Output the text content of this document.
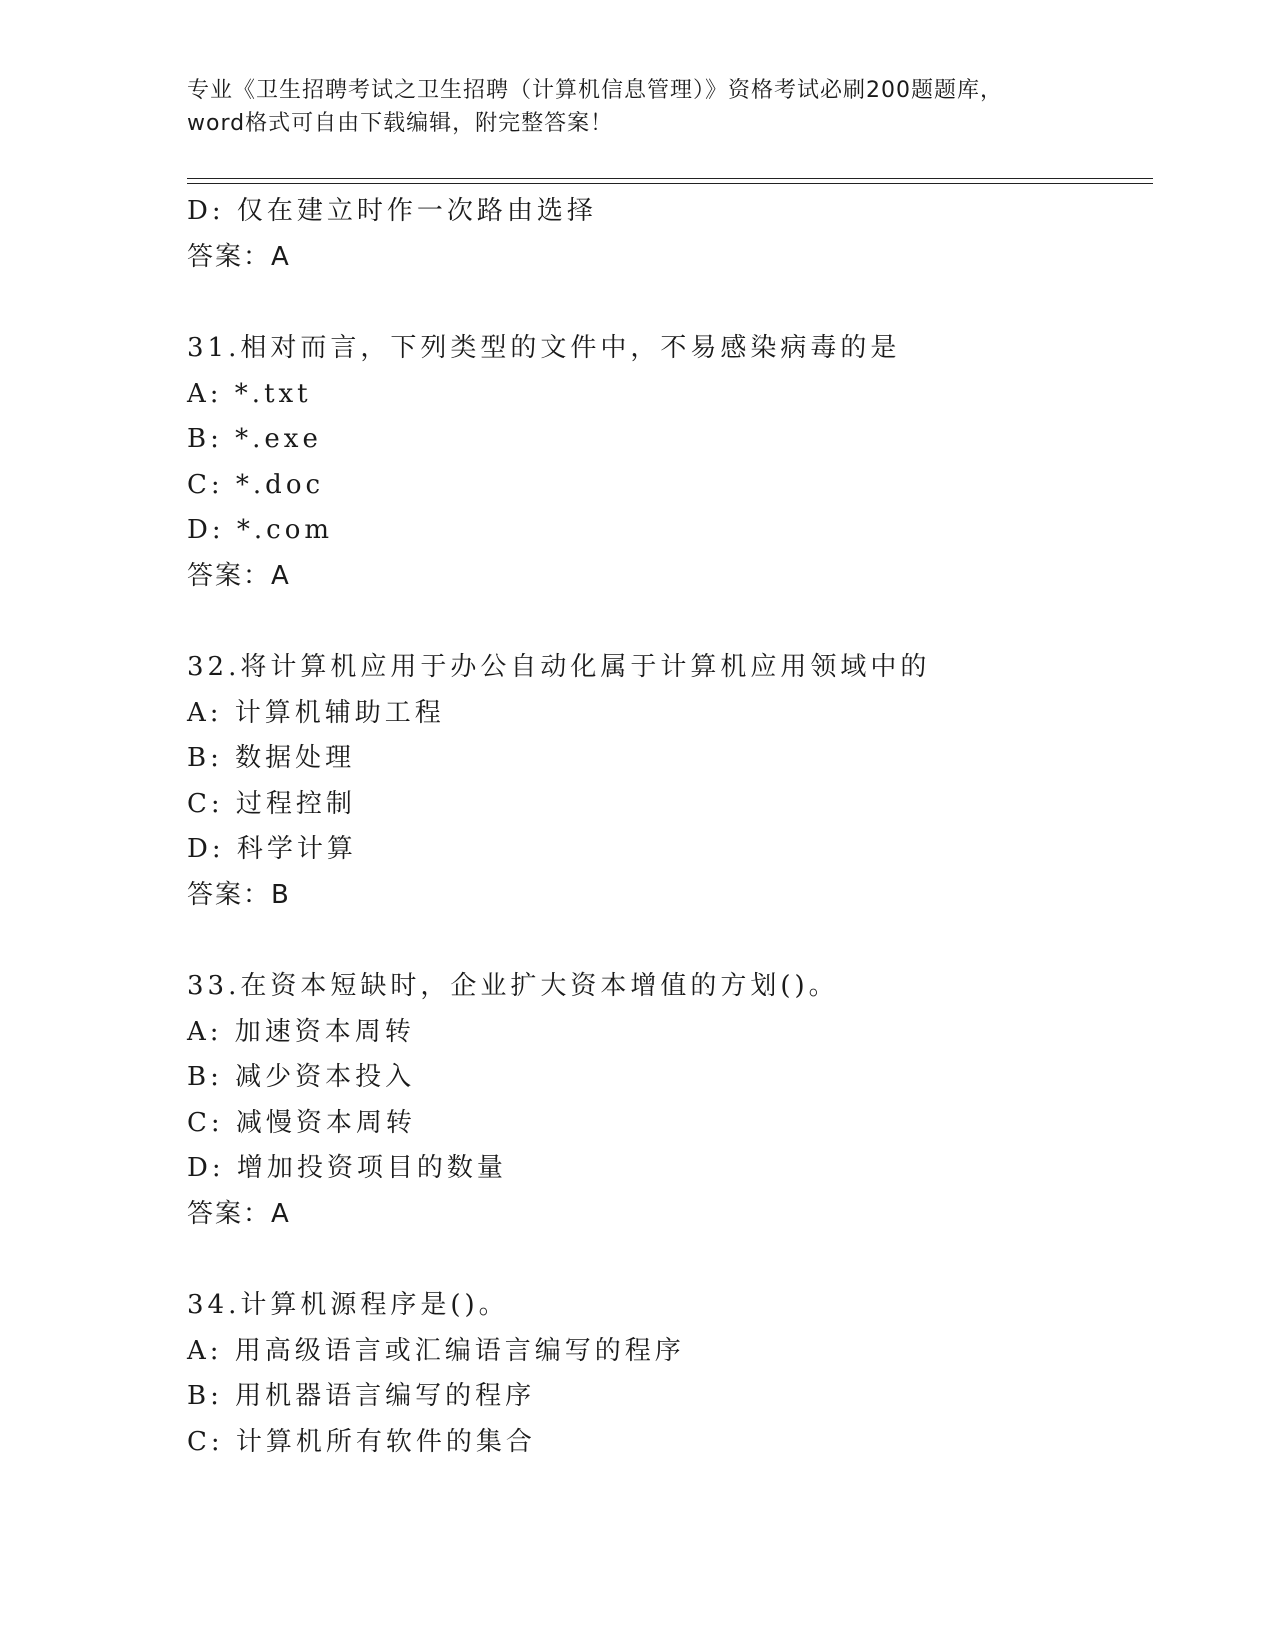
专业《卫生招聘考试之卫生招聘（计算机信息管理）》资格考试必刷200题题库，
word格式可自由下载编辑，附完整答案！
D: 仅在建立时作一次路由选择
答案：A
31.相对而言，下列类型的文件中，不易感染病毒的是
A: *.txt
B: *.exe
C: *.doc
D: *.com
答案：A
32.将计算机应用于办公自动化属于计算机应用领域中的
A: 计算机辅助工程
B: 数据处理
C: 过程控制
D: 科学计算
答案：B
33.在资本短缺时，企业扩大资本增值的方划()。
A: 加速资本周转
B: 减少资本投入
C: 减慢资本周转
D: 增加投资项目的数量
答案：A
34.计算机源程序是()。
A: 用高级语言或汇编语言编写的程序
B: 用机器语言编写的程序
C: 计算机所有软件的集合
